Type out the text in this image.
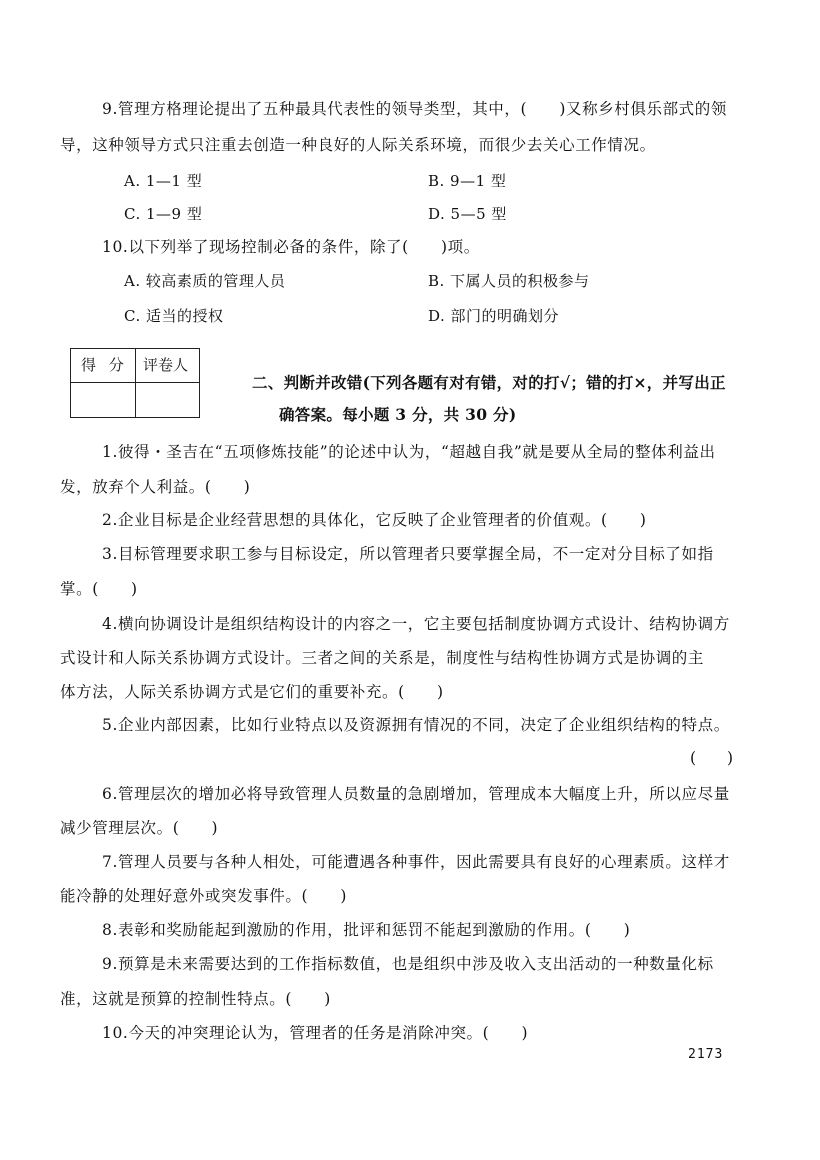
9.管理方格理论提出了五种最具代表性的领导类型，其中，(　　)又称乡村俱乐部式的领
导，这种领导方式只注重去创造一种良好的人际关系环境，而很少去关心工作情况。
A. 1—1 型	B. 9—1 型
C. 1—9 型	D. 5—5 型
10.以下列举了现场控制必备的条件，除了(　　)项。
A. 较高素质的管理人员	B. 下属人员的积极参与
C. 适当的授权	D. 部门的明确划分
得 分 评卷人
二、判断并改错(下列各题有对有错，对的打√；错的打×，并写出正
确答案。每小题 3 分，共 30 分)
1.彼得・圣吉在“五项修炼技能”的论述中认为，“超越自我”就是要从全局的整体利益出
发，放弃个人利益。(　　)
2.企业目标是企业经营思想的具体化，它反映了企业管理者的价值观。(　　)
3.目标管理要求职工参与目标设定，所以管理者只要掌握全局，不一定对分目标了如指
掌。(　　)
4.横向协调设计是组织结构设计的内容之一，它主要包括制度协调方式设计、结构协调方
式设计和人际关系协调方式设计。三者之间的关系是，制度性与结构性协调方式是协调的主
体方法，人际关系协调方式是它们的重要补充。(　　)
5.企业内部因素，比如行业特点以及资源拥有情况的不同，决定了企业组织结构的特点。
(　　)
6.管理层次的增加必将导致管理人员数量的急剧增加，管理成本大幅度上升，所以应尽量
减少管理层次。(　　)
7.管理人员要与各种人相处，可能遭遇各种事件，因此需要具有良好的心理素质。这样才
能冷静的处理好意外或突发事件。(　　)
8.表彰和奖励能起到激励的作用，批评和惩罚不能起到激励的作用。(　　)
9.预算是未来需要达到的工作指标数值，也是组织中涉及收入支出活动的一种数量化标
准，这就是预算的控制性特点。(　　)
10.今天的冲突理论认为，管理者的任务是消除冲突。(　　)
2173
